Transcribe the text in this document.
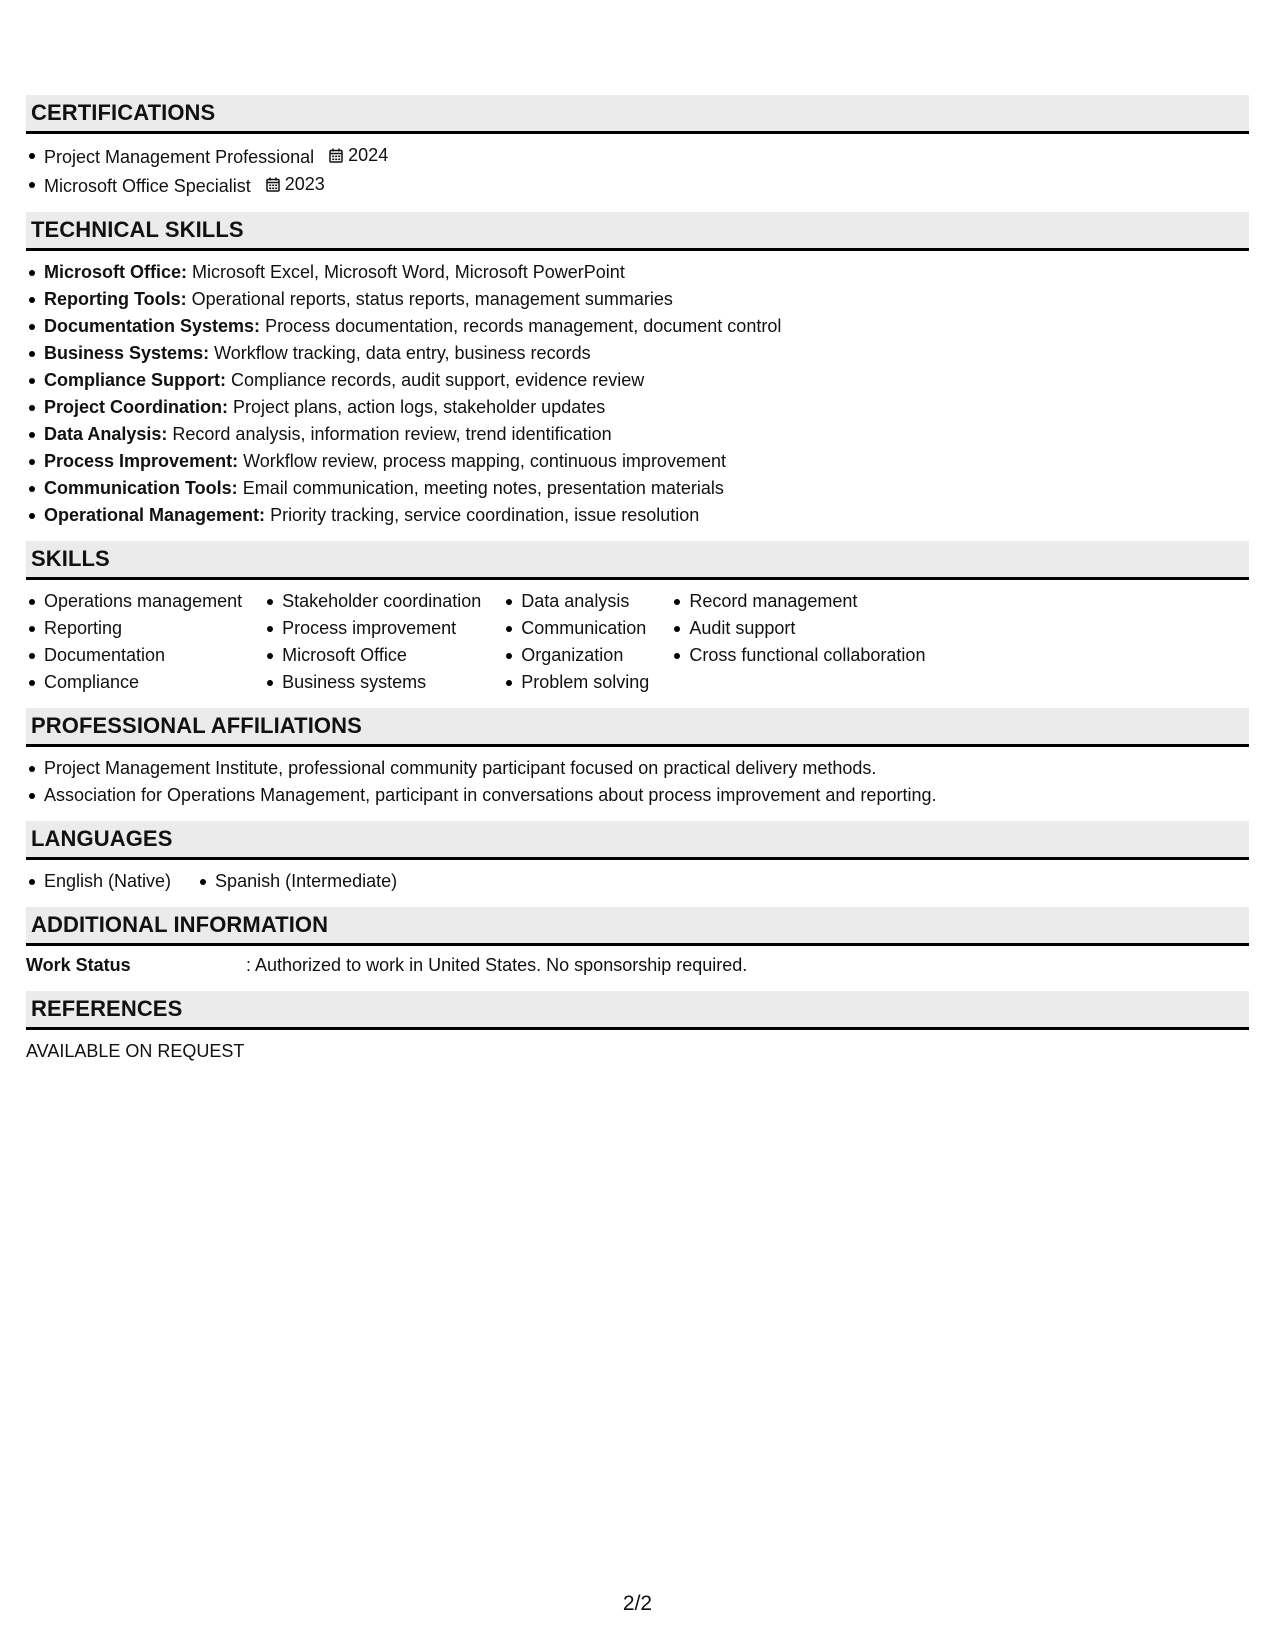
CERTIFICATIONS
Project Management Professional 2024
Microsoft Office Specialist 2023
TECHNICAL SKILLS
Microsoft Office: Microsoft Excel, Microsoft Word, Microsoft PowerPoint
Reporting Tools: Operational reports, status reports, management summaries
Documentation Systems: Process documentation, records management, document control
Business Systems: Workflow tracking, data entry, business records
Compliance Support: Compliance records, audit support, evidence review
Project Coordination: Project plans, action logs, stakeholder updates
Data Analysis: Record analysis, information review, trend identification
Process Improvement: Workflow review, process mapping, continuous improvement
Communication Tools: Email communication, meeting notes, presentation materials
Operational Management: Priority tracking, service coordination, issue resolution
SKILLS
Operations management
Reporting
Documentation
Compliance
Stakeholder coordination
Process improvement
Microsoft Office
Business systems
Data analysis
Communication
Organization
Problem solving
Record management
Audit support
Cross functional collaboration
PROFESSIONAL AFFILIATIONS
Project Management Institute, professional community participant focused on practical delivery methods.
Association for Operations Management, participant in conversations about process improvement and reporting.
LANGUAGES
English (Native)	Spanish (Intermediate)
ADDITIONAL INFORMATION
Work Status	: Authorized to work in United States. No sponsorship required.
REFERENCES
AVAILABLE ON REQUEST
2/2
